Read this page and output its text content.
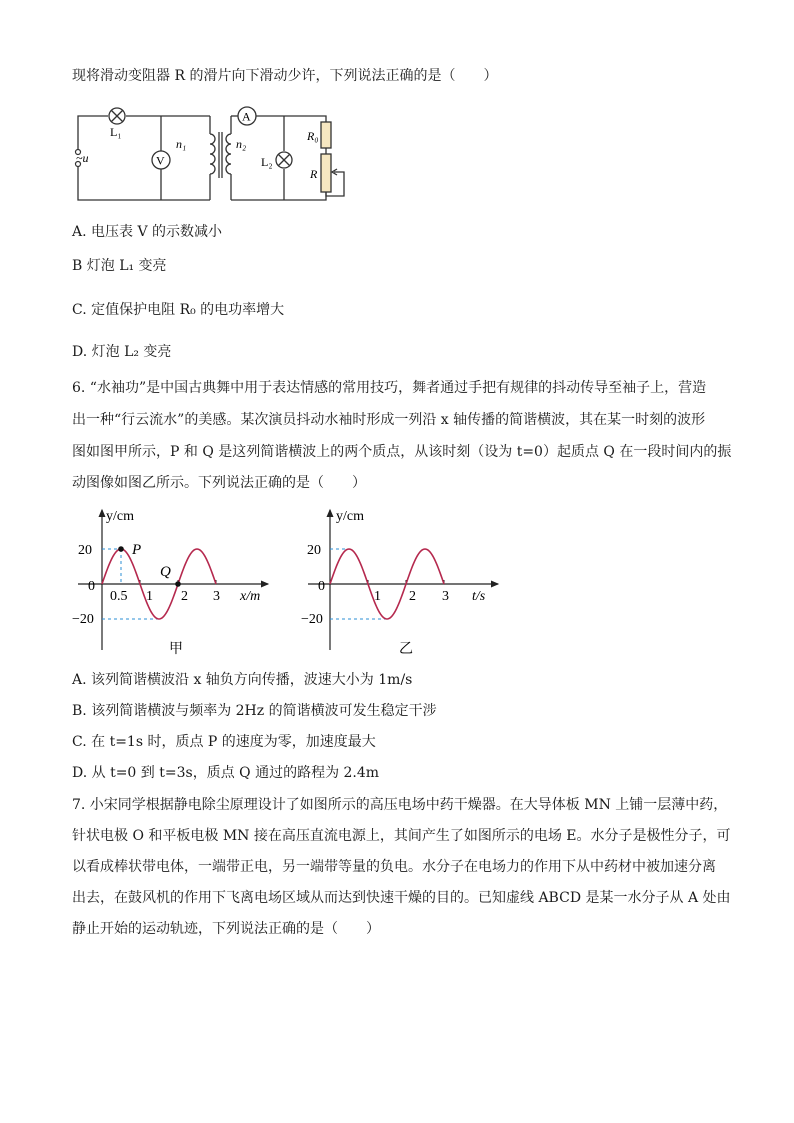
现将滑动变阻器 R 的滑片向下滑动少许，下列说法正确的是（　　）
V
A
L₁
L₂
n₁	n₂
~u
R₀
R
A. 电压表 V 的示数减小
B 灯泡 L₁ 变亮
C. 定值保护电阻 R₀ 的电功率增大
D. 灯泡 L₂ 变亮
6. “水袖功”是中国古典舞中用于表达情感的常用技巧，舞者通过手把有规律的抖动传导至袖子上，营造
出一种“行云流水”的美感。某次演员抖动水袖时形成一列沿 x 轴传播的简谐横波，其在某一时刻的波形
图如图甲所示，P 和 Q 是这列简谐横波上的两个质点，从该时刻（设为 t=0）起质点 Q 在一段时间内的振
动图像如图乙所示。下列说法正确的是（　　）
y/cm
x/m
0
20
−20
0.5 1 2 3
P
Q
甲
y/cm
t/s
0
20
−20
1 2 3
乙
A. 该列简谐横波沿 x 轴负方向传播，波速大小为 1m/s
B. 该列简谐横波与频率为 2Hz 的简谐横波可发生稳定干涉
C. 在 t=1s 时，质点 P 的速度为零，加速度最大
D. 从 t=0 到 t=3s，质点 Q 通过的路程为 2.4m
7. 小宋同学根据静电除尘原理设计了如图所示的高压电场中药干燥器。在大导体板 MN 上铺一层薄中药，
针状电极 O 和平板电极 MN 接在高压直流电源上，其间产生了如图所示的电场 E。水分子是极性分子，可
以看成棒状带电体，一端带正电，另一端带等量的负电。水分子在电场力的作用下从中药材中被加速分离
出去，在鼓风机的作用下飞离电场区域从而达到快速干燥的目的。已知虚线 ABCD 是某一水分子从 A 处由
静止开始的运动轨迹，下列说法正确的是（　　）
